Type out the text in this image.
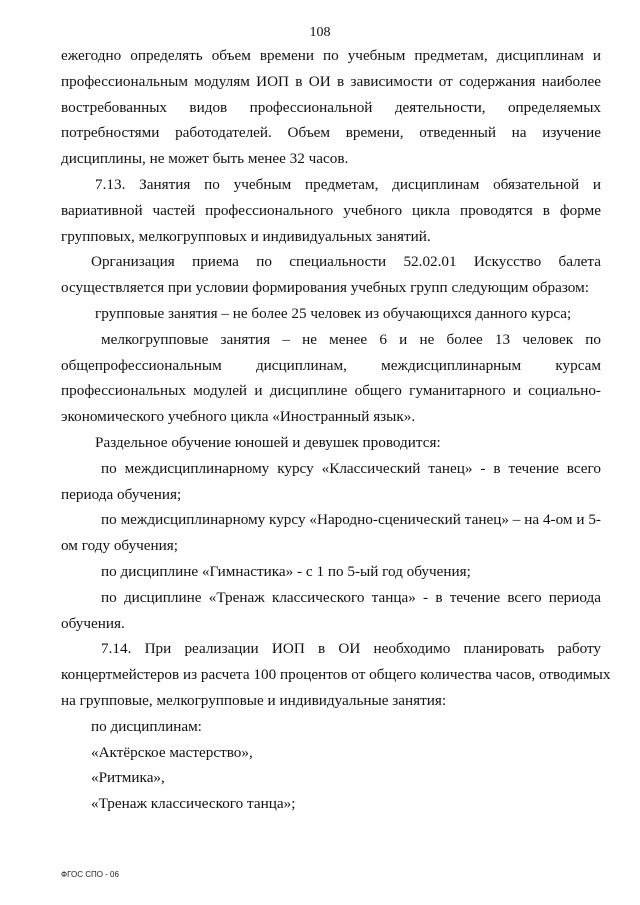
108
ежегодно определять объем времени по учебным предметам, дисциплинам и
профессиональным модулям ИОП в ОИ в зависимости от содержания наиболее
востребованных видов профессиональной деятельности, определяемых
потребностями работодателей. Объем времени, отведенный на изучение
дисциплины, не может быть менее 32 часов.
7.13. Занятия по учебным предметам, дисциплинам обязательной и
вариативной частей профессионального учебного цикла проводятся в форме
групповых, мелкогрупповых и индивидуальных занятий.
Организация приема по специальности 52.02.01 Искусство балета
осуществляется при условии формирования учебных групп следующим образом:
групповые занятия – не более 25 человек из обучающихся данного курса;
мелкогрупповые занятия – не менее 6 и не более 13 человек по
общепрофессиональным дисциплинам, междисциплинарным курсам
профессиональных модулей и дисциплине общего гуманитарного и социально-
экономического учебного цикла «Иностранный язык».
Раздельное обучение юношей и девушек проводится:
по междисциплинарному курсу «Классический танец» - в течение всего
периода обучения;
по междисциплинарному курсу «Народно-сценический танец» – на 4-ом и 5-
ом году обучения;
по дисциплине «Гимнастика» - с 1 по 5-ый год обучения;
по дисциплине «Тренаж классического танца» - в течение всего периода
обучения.
7.14. При реализации ИОП в ОИ необходимо планировать работу
концертмейстеров из расчета 100 процентов от общего количества часов, отводимых
на групповые, мелкогрупповые и индивидуальные занятия:
по дисциплинам:
«Актёрское мастерство»,
«Ритмика»,
«Тренаж классического танца»;
ФГОС СПО - 06
